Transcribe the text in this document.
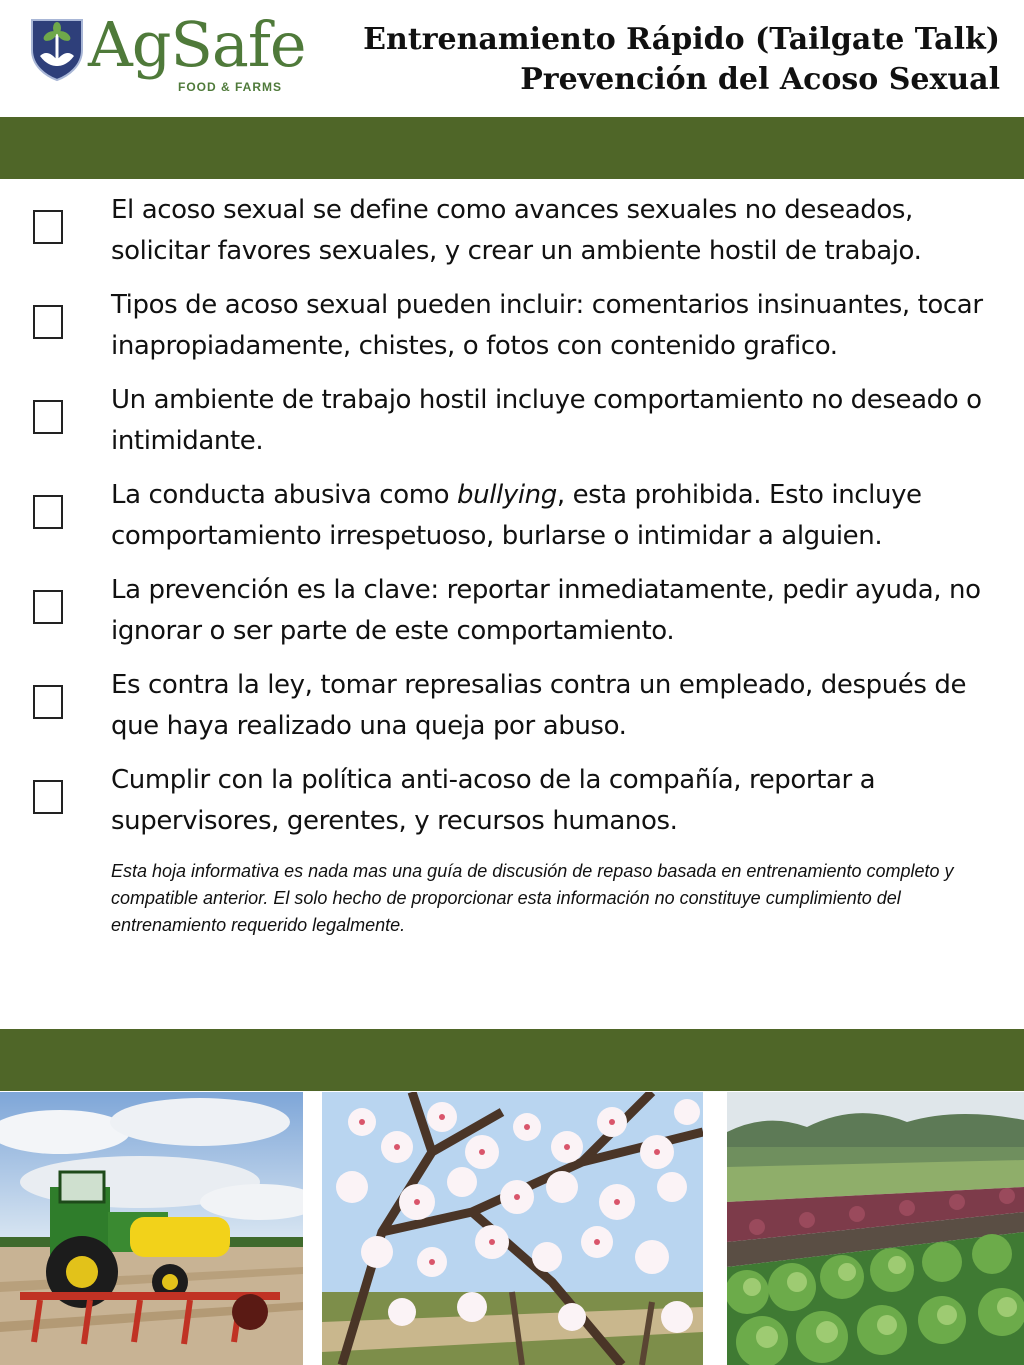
AgSafe
FOOD & FARMS
Entrenamiento Rápido (Tailgate Talk)
Prevención del Acoso Sexual
El acoso sexual se define como avances sexuales no deseados, solicitar favores sexuales, y crear un ambiente hostil de trabajo.
Tipos de acoso sexual pueden incluir: comentarios insinuantes, tocar inapropiadamente, chistes, o fotos con contenido grafico.
Un ambiente de trabajo hostil incluye comportamiento no deseado o intimidante.
La conducta abusiva como bullying, esta prohibida. Esto incluye comportamiento irrespetuoso, burlarse o intimidar a alguien.
La prevención es la clave: reportar inmediatamente, pedir ayuda, no ignorar o ser parte de este comportamiento.
Es contra la ley, tomar represalias contra un empleado, después de que haya realizado una queja por abuso.
Cumplir con la política anti-acoso de la compañía, reportar a supervisores, gerentes, y recursos humanos.
Esta hoja informativa es nada mas una guía de discusión de repaso basada en entrenamiento completo y compatible anterior. El solo hecho de proporcionar esta información no constituye cumplimiento del entrenamiento requerido legalmente.
